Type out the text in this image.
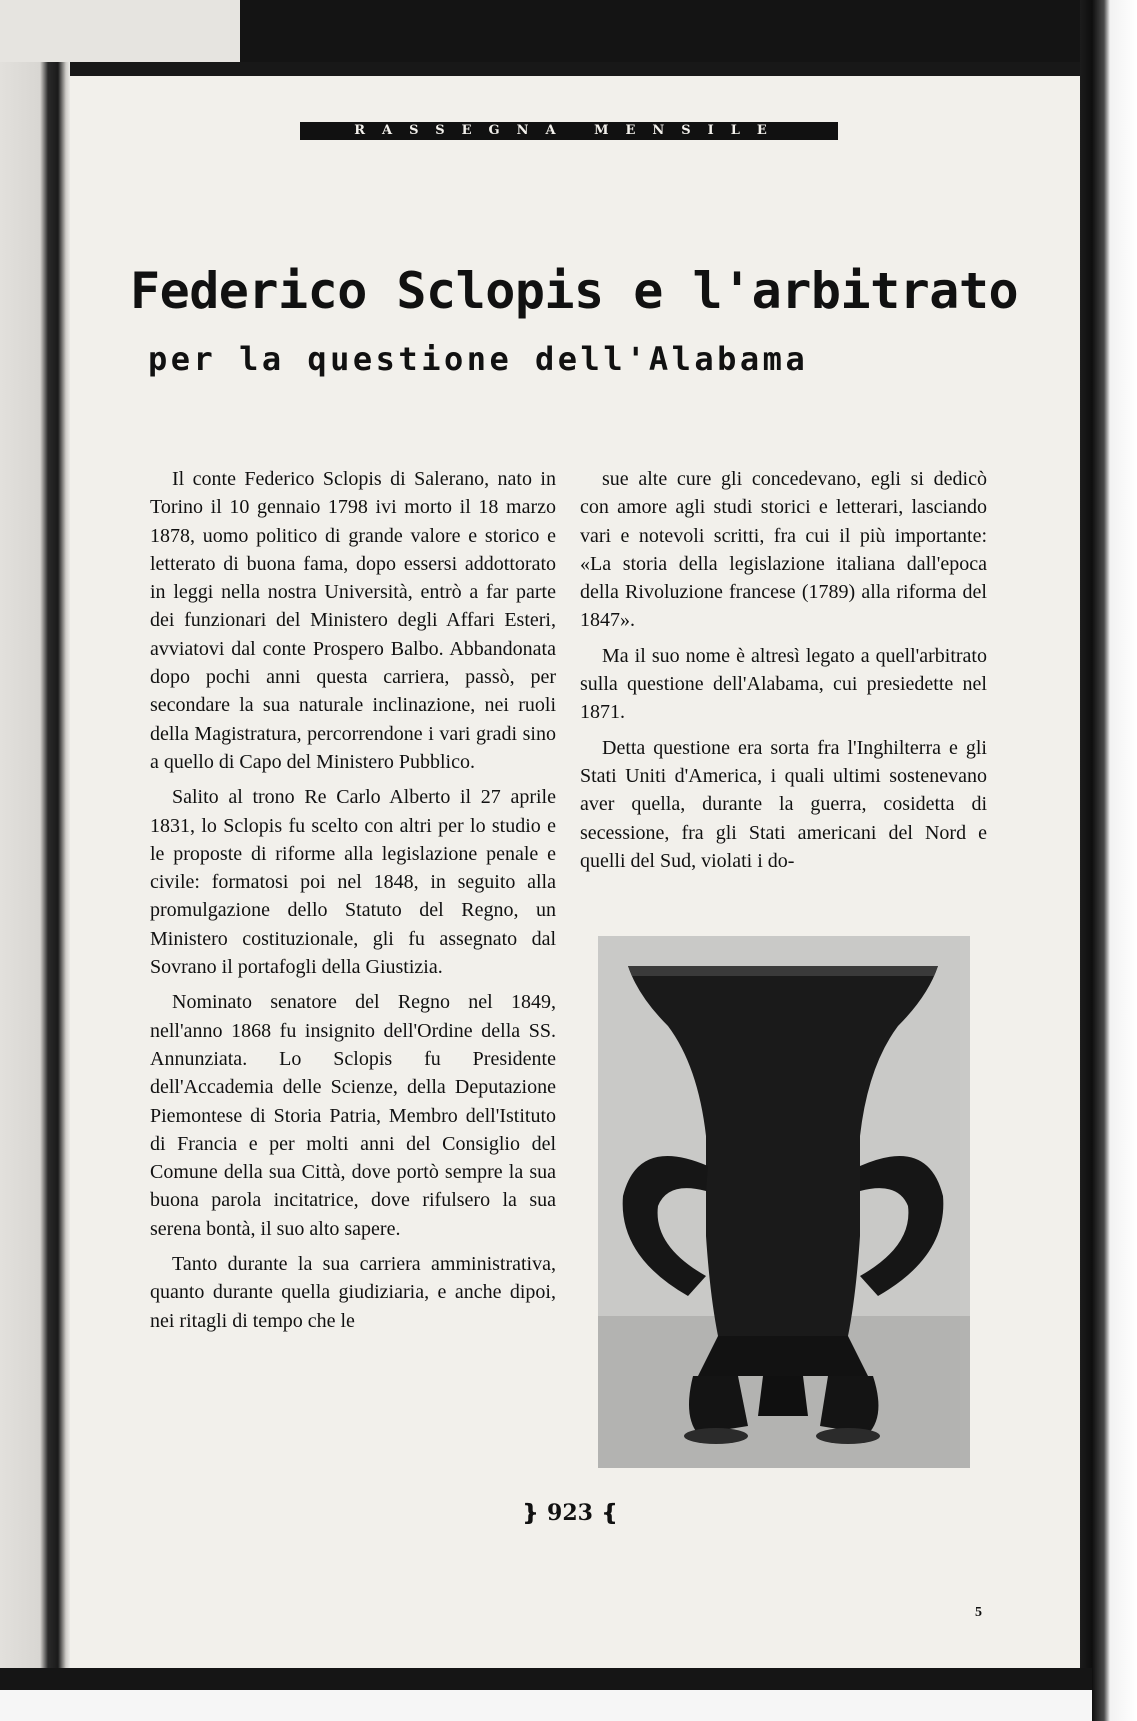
RASSEGNA MENSILE
Federico Sclopis e l'arbitrato
per la questione dell'Alabama

Il conte Federico Sclopis di Salerano, nato in Torino il 10 gennaio 1798 ivi morto il 18 marzo 1878, uomo politico di grande valore e storico e letterato di buona fama, dopo essersi addottorato in leggi nella nostra Università, entrò a far parte dei funzionari del Ministero degli Affari Esteri, avviatovi dal conte Prospero Balbo. Abbandonata dopo pochi anni questa carriera, passò, per secondare la sua naturale inclinazione, nei ruoli della Magistratura, percorrendone i vari gradi sino a quello di Capo del Ministero Pubblico.

Salito al trono Re Carlo Alberto il 27 aprile 1831, lo Sclopis fu scelto con altri per lo studio e le proposte di riforme alla legislazione penale e civile: formatosi poi nel 1848, in seguito alla promulgazione dello Statuto del Regno, un Ministero costituzionale, gli fu assegnato dal Sovrano il portafogli della Giustizia.

Nominato senatore del Regno nel 1849, nell'anno 1868 fu insignito dell'Ordine della SS. Annunziata. Lo Sclopis fu Presidente dell'Accademia delle Scienze, della Deputazione Piemontese di Storia Patria, Membro dell'Istituto di Francia e per molti anni del Consiglio del Comune della sua Città, dove portò sempre la sua buona parola incitatrice, dove rifulsero la sua serena bontà, il suo alto sapere.

Tanto durante la sua carriera amministrativa, quanto durante quella giudiziaria, e anche dipoi, nei ritagli di tempo che le

sue alte cure gli concedevano, egli si dedicò con amore agli studi storici e letterari, lasciando vari e notevoli scritti, fra cui il più importante: «La storia della legislazione italiana dall'epoca della Rivoluzione francese (1789) alla riforma del 1847».

Ma il suo nome è altresì legato a quell'arbitrato sulla questione dell'Alabama, cui presiedette nel 1871.

Detta questione era sorta fra l'Inghilterra e gli Stati Uniti d'America, i quali ultimi sostenevano aver quella, durante la guerra, cosidetta di secessione, fra gli Stati americani del Nord e quelli del Sud, violati i do-

❵ 923 ❴
5
